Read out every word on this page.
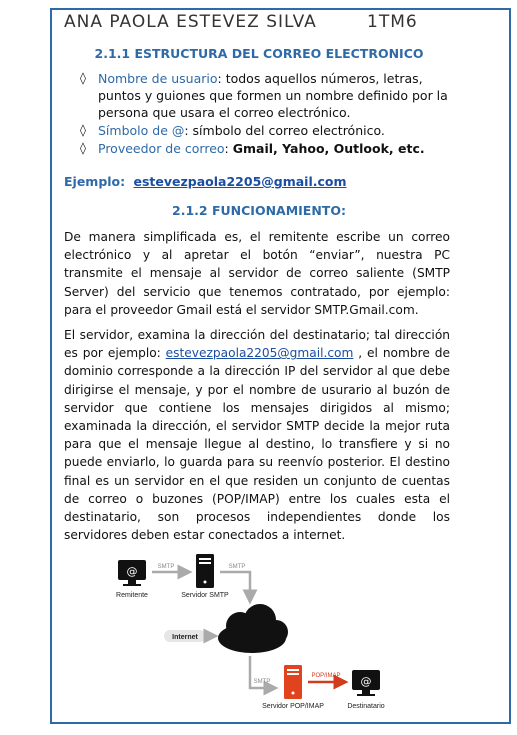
ANA PAOLA ESTEVEZ SILVA	1TM6
2.1.1 ESTRUCTURA DEL CORREO ELECTRONICO
◊ Nombre de usuario: todos aquellos números, letras, puntos y guiones que formen un nombre definido por la persona que usara el correo electrónico.
◊ Símbolo de @: símbolo del correo electrónico.
◊ Proveedor de correo: Gmail, Yahoo, Outlook, etc.
Ejemplo: estevezpaola2205@gmail.com
2.1.2 FUNCIONAMIENTO:

De manera simplificada es, el remitente escribe un correo electrónico y al apretar el botón “enviar”, nuestra PC transmite el mensaje al servidor de correo saliente (SMTP Server) del servicio que tenemos contratado, por ejemplo: para el proveedor Gmail está el servidor SMTP.Gmail.com.

El servidor, examina la dirección del destinatario; tal dirección es por ejemplo: estevezpaola2205@gmail.com , el nombre de dominio corresponde a la dirección IP del servidor al que debe dirigirse el mensaje, y por el nombre de usurario al buzón de servidor que contiene los mensajes dirigidos al mismo; examinada la dirección, el servidor SMTP decide la mejor ruta para que el mensaje llegue al destino, lo transfiere y si no puede enviarlo, lo guarda para su reenvío posterior. El destino final es un servidor en el que residen un conjunto de cuentas de correo o buzones (POP/IMAP) entre los cuales esta el destinatario, son procesos independientes donde los servidores deben estar conectados a internet.

@
Remitente
SMTP
Servidor SMTP
SMTP
Internet
SMTP
Servidor POP/IMAP
POP/IMAP @
Destinatario
